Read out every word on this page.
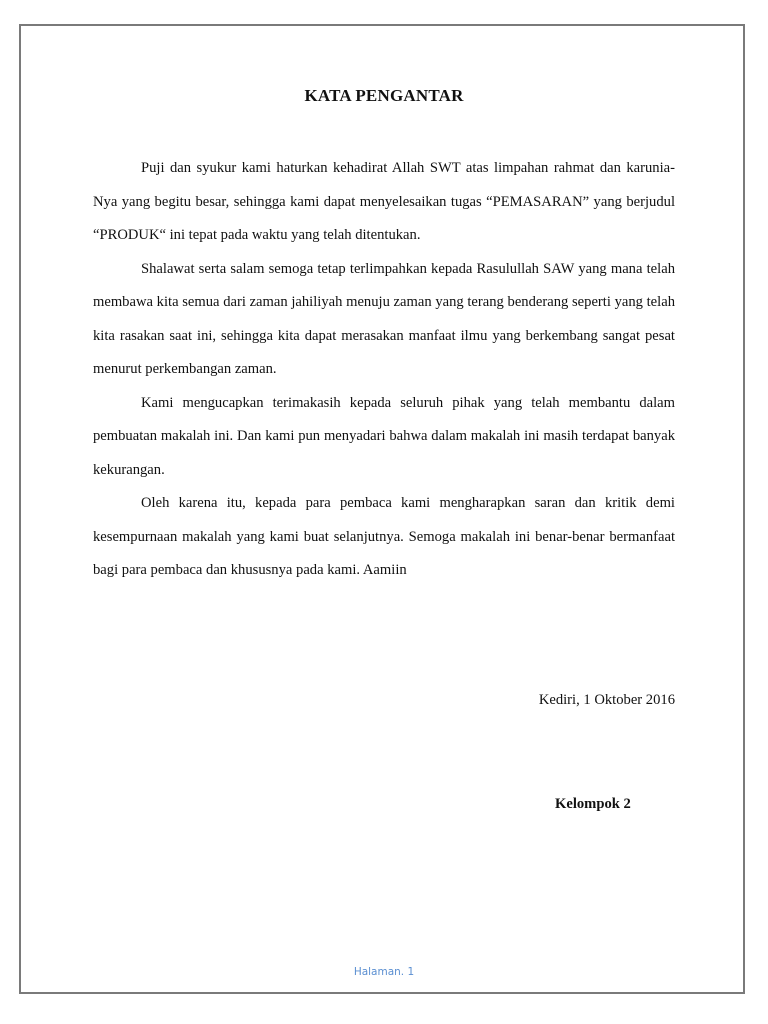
KATA PENGANTAR

Puji dan syukur kami haturkan kehadirat Allah SWT atas limpahan rahmat dan karunia-Nya yang begitu besar, sehingga kami dapat menyelesaikan tugas “PEMASARAN” yang berjudul “PRODUK“ ini tepat pada waktu yang telah ditentukan.

Shalawat serta salam semoga tetap terlimpahkan kepada Rasulullah SAW yang mana telah membawa kita semua dari zaman jahiliyah menuju zaman yang terang benderang seperti yang telah kita rasakan saat ini, sehingga kita dapat merasakan manfaat ilmu yang berkembang sangat pesat menurut perkembangan zaman.

Kami mengucapkan terimakasih kepada seluruh pihak yang telah membantu dalam pembuatan makalah ini. Dan kami pun menyadari bahwa dalam makalah ini masih terdapat banyak kekurangan.

Oleh karena itu, kepada para pembaca kami mengharapkan saran dan kritik demi kesempurnaan makalah yang kami buat selanjutnya. Semoga makalah ini benar-benar bermanfaat bagi para pembaca dan khususnya pada kami. Aamiin

Kediri, 1 Oktober 2016
Kelompok 2
Halaman. 1
